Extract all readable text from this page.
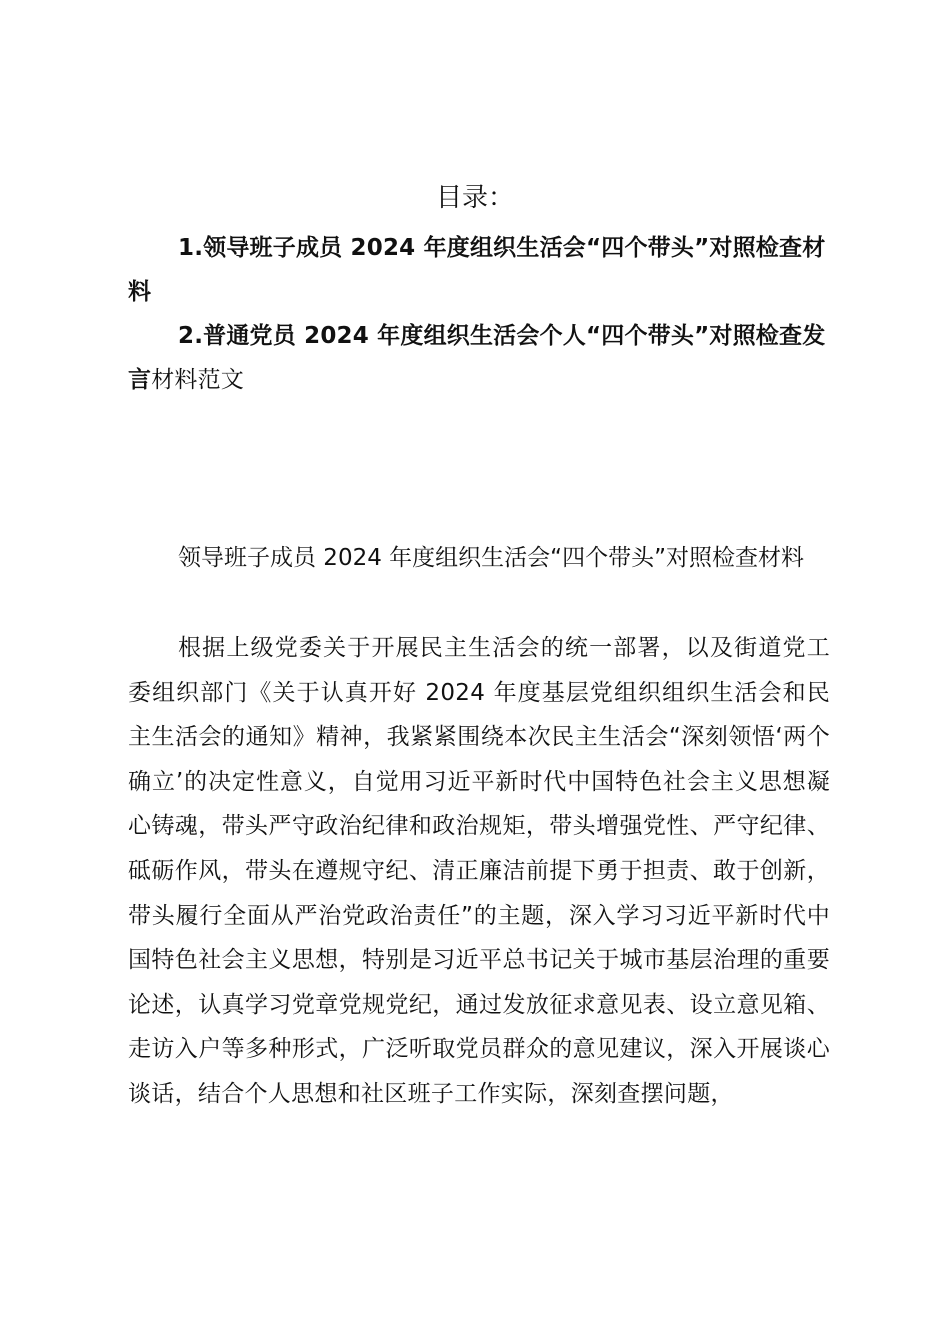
目录：

1.领导班子成员 2024 年度组织生活会“四个带头”对照检查材料

2.普通党员 2024 年度组织生活会个人“四个带头”对照检查发言材料范文

领导班子成员 2024 年度组织生活会“四个带头”对照检查材料

根据上级党委关于开展民主生活会的统一部署，以及街道党工委组织部门《关于认真开好 2024 年度基层党组织组织生活会和民主生活会的通知》精神，我紧紧围绕本次民主生活会“深刻领悟‘两个确立’的决定性意义，自觉用习近平新时代中国特色社会主义思想凝心铸魂，带头严守政治纪律和政治规矩，带头增强党性、严守纪律、砥砺作风，带头在遵规守纪、清正廉洁前提下勇于担责、敢于创新，带头履行全面从严治党政治责任”的主题，深入学习习近平新时代中国特色社会主义思想，特别是习近平总书记关于城市基层治理的重要论述，认真学习党章党规党纪，通过发放征求意见表、设立意见箱、走访入户等多种形式，广泛听取党员群众的意见建议，深入开展谈心谈话，结合个人思想和社区班子工作实际，深刻查摆问题，
